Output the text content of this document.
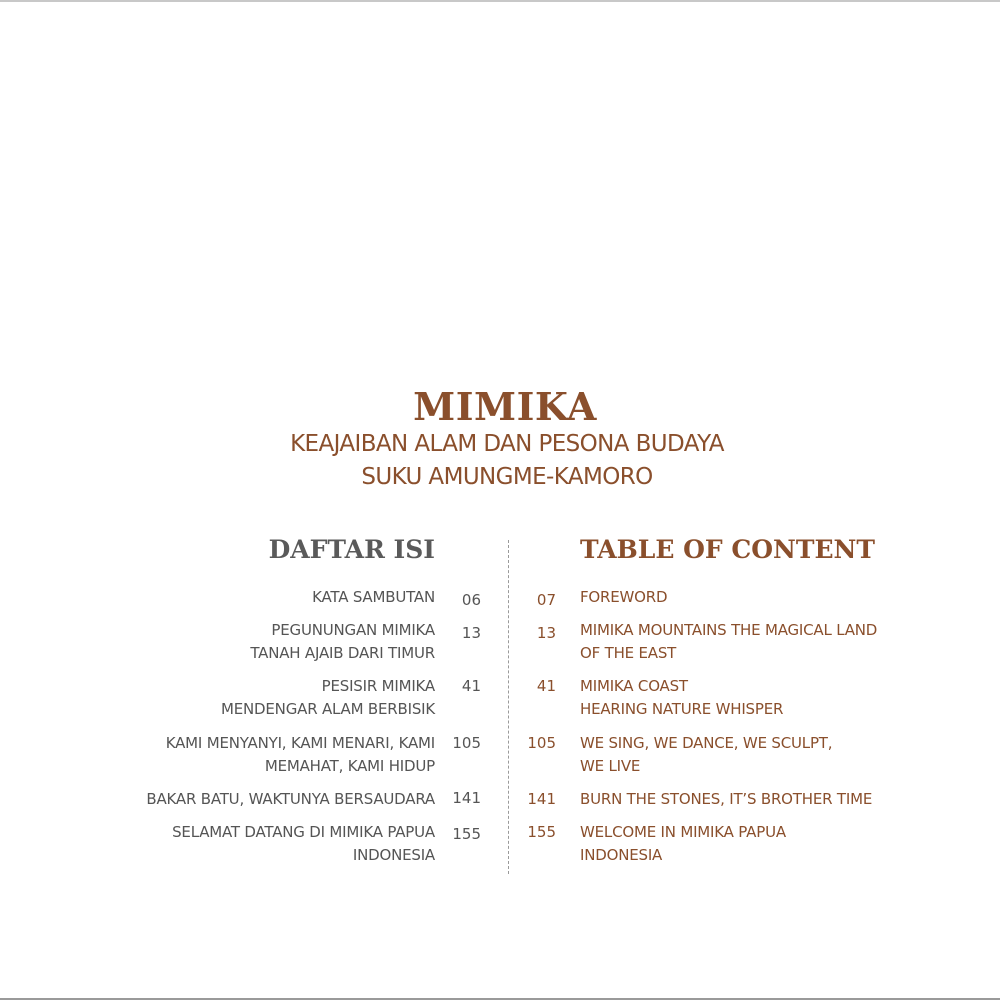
MIMIKA
KEAJAIBAN ALAM DAN PESONA BUDAYA
SUKU AMUNGME-KAMORO
DAFTAR ISI	TABLE OF CONTENT
KATA SAMBUTAN 06
PEGUNUNGAN MIMIKA
TANAH AJAIB DARI TIMUR
13
PESISIR MIMIKA
MENDENGAR ALAM BERBISIK
41
KAMI MENYANYI, KAMI MENARI, KAMI
MEMAHAT, KAMI HIDUP
105
BAKAR BATU, WAKTUNYA BERSAUDARA 141
SELAMAT DATANG DI MIMIKA PAPUA
INDONESIA
155
07 FOREWORD
13 MIMIKA MOUNTAINS THE MAGICAL LAND
OF THE EAST
41 MIMIKA COAST
HEARING NATURE WHISPER
105 WE SING, WE DANCE, WE SCULPT,
WE LIVE
141 BURN THE STONES, IT’S BROTHER TIME
155 WELCOME IN MIMIKA PAPUA
INDONESIA
